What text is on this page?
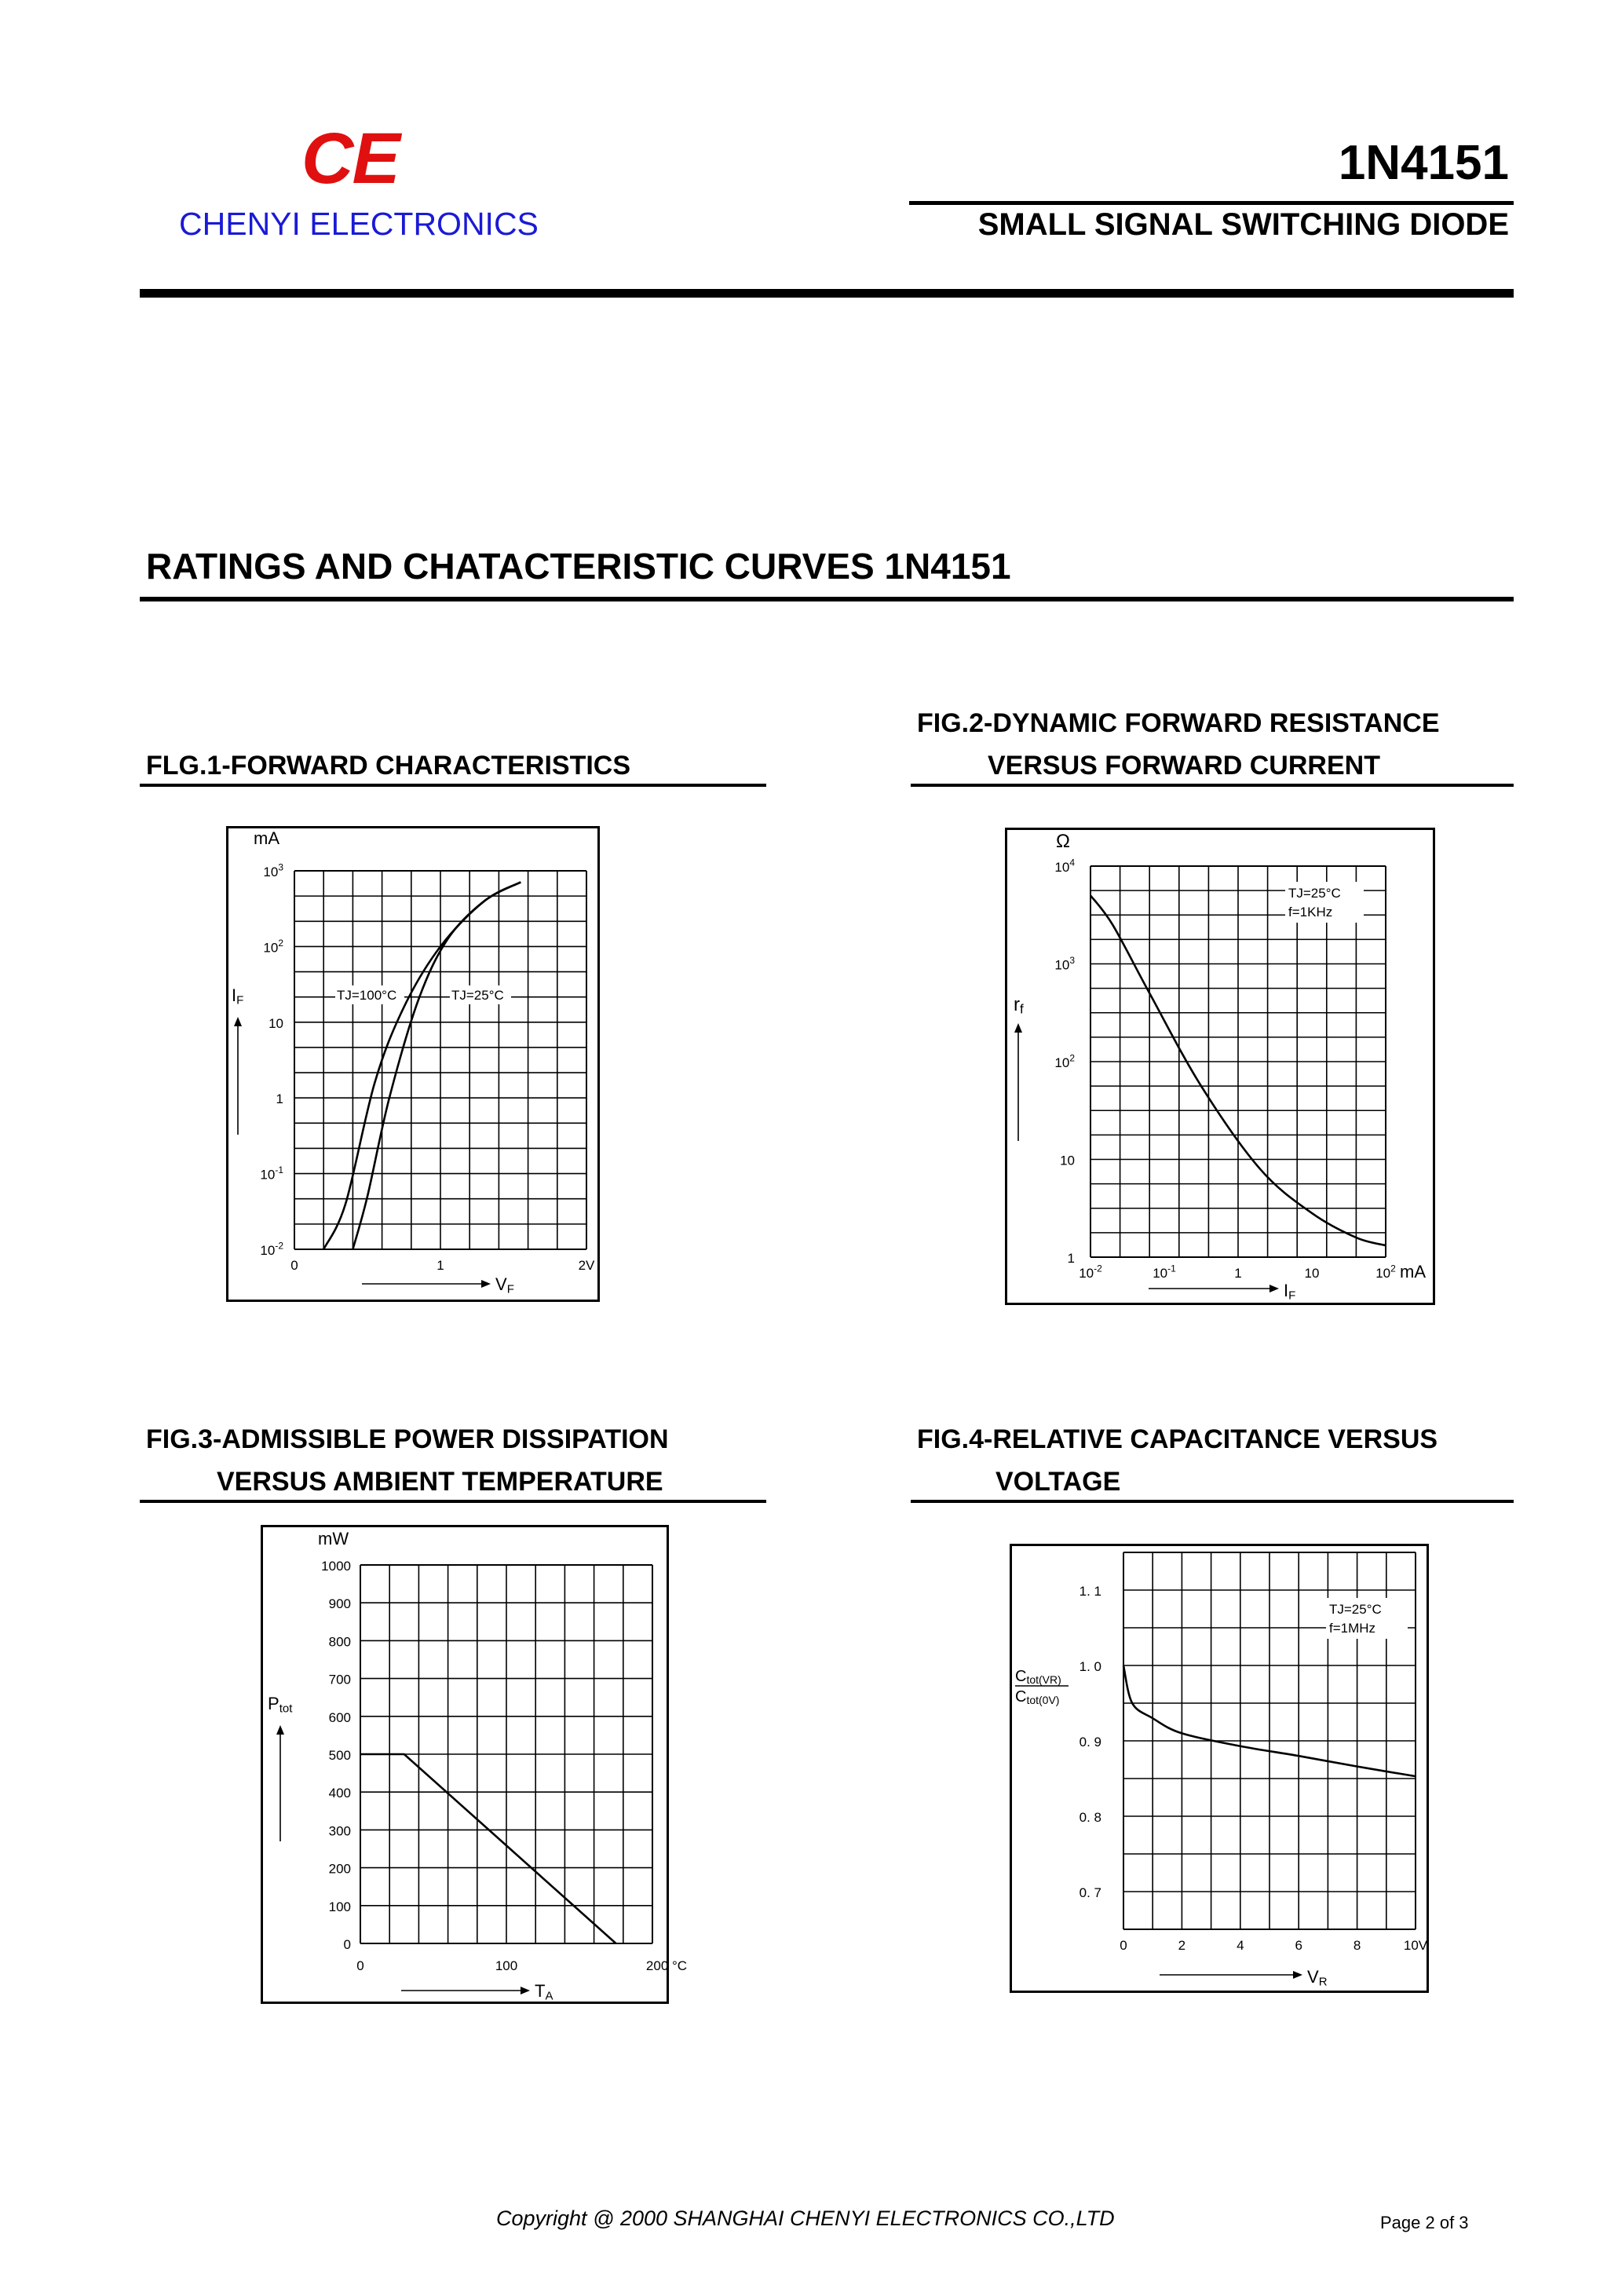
CE
CHENYI ELECTRONICS
1N4151
SMALL SIGNAL SWITCHING DIODE
RATINGS AND CHATACTERISTIC CURVES 1N4151
FLG.1-FORWARD CHARACTERISTICS
FIG.2-DYNAMIC FORWARD RESISTANCE
VERSUS FORWARD CURRENT
FIG.3-ADMISSIBLE POWER DISSIPATION
VERSUS AMBIENT TEMPERATURE
FIG.4-RELATIVE CAPACITANCE VERSUS
VOLTAGE
$10^{-2}$
$10^{-1}$
1
10
$10^2$
$10^3$
0	1	2V
mA
IF
VF
TJ=100°C	TJ=25°C
1
10
$10^2$
$10^3$
$10^4$
$10^{-2}$	$10^{-1}$	1	10	$10^2$
Ω
mA
rf
IF
TJ=25°C
f=1KHz
0
100
200
300
400
500
600
700
800
900
1000
0	100	200 °C
mW
Ptot
TA
0. 7
0. 8
0. 9
1. 0
1. 1
0	2	4	6	8	10V
Ctot(VR)
Ctot(0V)
VR
TJ=25°C
f=1MHz
Copyright @ 2000 SHANGHAI CHENYI ELECTRONICS CO.,LTD	Page 2 of 3
